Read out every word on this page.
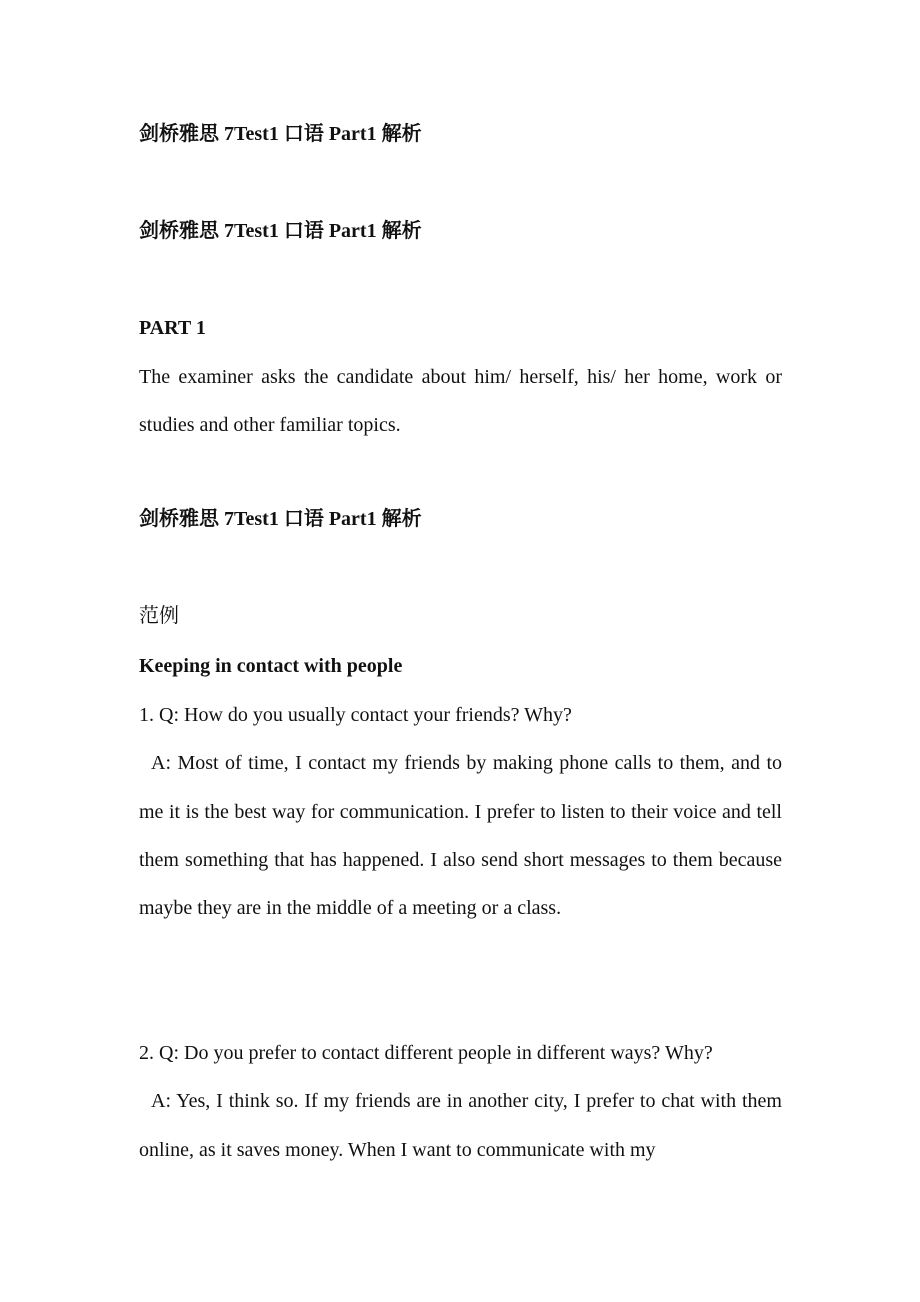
剑桥雅思 7Test1 口语 Part1 解析
剑桥雅思 7Test1 口语 Part1 解析
PART 1

The examiner asks the candidate about him/ herself, his/ her home, work or studies and other familiar topics.

剑桥雅思 7Test1 口语 Part1 解析
范例
Keeping in contact with people

1. Q: How do you usually contact your friends? Why?

A: Most of time, I contact my friends by making phone calls to them, and to me it is the best way for communication. I prefer to listen to their voice and tell them something that has happened. I also send short messages to them because maybe they are in the middle of a meeting or a class.

2. Q: Do you prefer to contact different people in different ways? Why?

A: Yes, I think so. If my friends are in another city, I prefer to chat with them online, as it saves money. When I want to communicate with my
